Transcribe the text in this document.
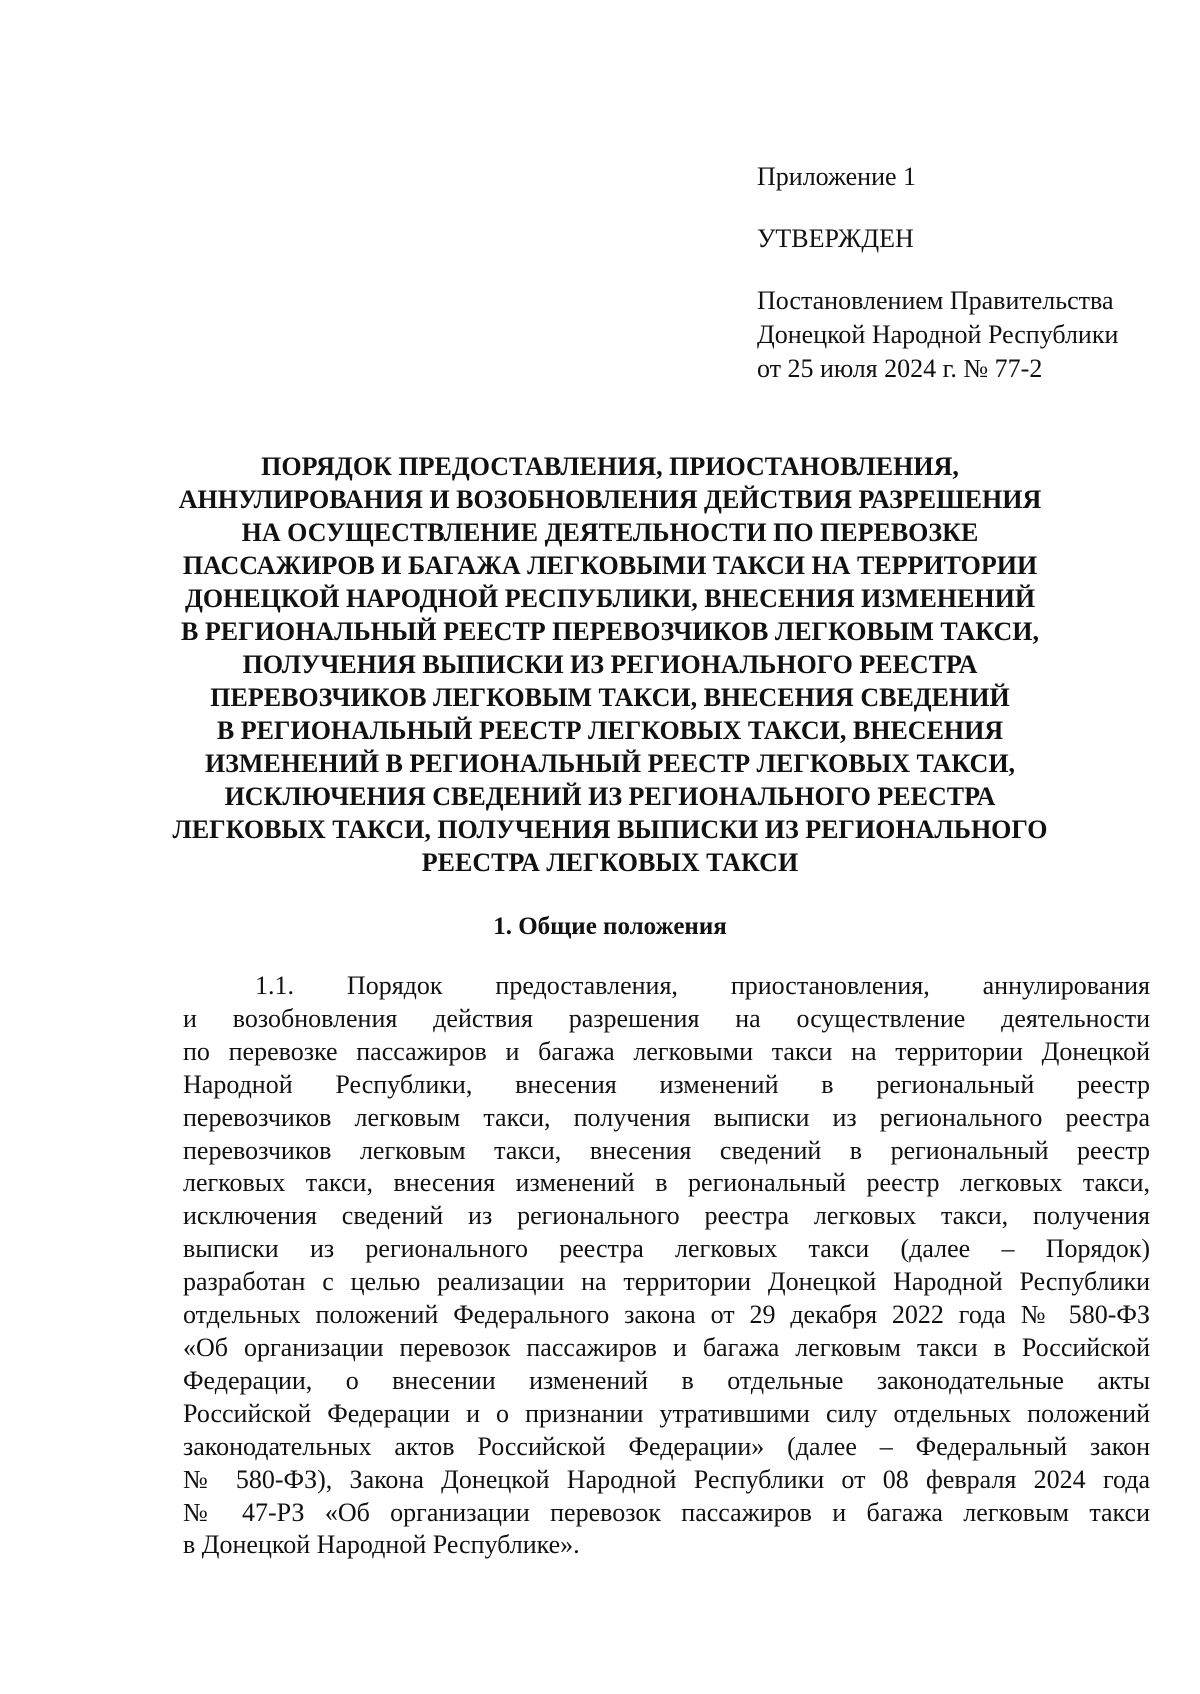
Приложение 1
УТВЕРЖДЕН
Постановлением Правительства
Донецкой Народной Республики
от 25 июля 2024 г. № 77-2
ПОРЯДОК ПРЕДОСТАВЛЕНИЯ, ПРИОСТАНОВЛЕНИЯ,
АННУЛИРОВАНИЯ И ВОЗОБНОВЛЕНИЯ ДЕЙСТВИЯ РАЗРЕШЕНИЯ
НА ОСУЩЕСТВЛЕНИЕ ДЕЯТЕЛЬНОСТИ ПО ПЕРЕВОЗКЕ
ПАССАЖИРОВ И БАГАЖА ЛЕГКОВЫМИ ТАКСИ НА ТЕРРИТОРИИ
ДОНЕЦКОЙ НАРОДНОЙ РЕСПУБЛИКИ, ВНЕСЕНИЯ ИЗМЕНЕНИЙ
В РЕГИОНАЛЬНЫЙ РЕЕСТР ПЕРЕВОЗЧИКОВ ЛЕГКОВЫМ ТАКСИ,
ПОЛУЧЕНИЯ ВЫПИСКИ ИЗ РЕГИОНАЛЬНОГО РЕЕСТРА
ПЕРЕВОЗЧИКОВ ЛЕГКОВЫМ ТАКСИ, ВНЕСЕНИЯ СВЕДЕНИЙ
В РЕГИОНАЛЬНЫЙ РЕЕСТР ЛЕГКОВЫХ ТАКСИ, ВНЕСЕНИЯ
ИЗМЕНЕНИЙ В РЕГИОНАЛЬНЫЙ РЕЕСТР ЛЕГКОВЫХ ТАКСИ,
ИСКЛЮЧЕНИЯ СВЕДЕНИЙ ИЗ РЕГИОНАЛЬНОГО РЕЕСТРА
ЛЕГКОВЫХ ТАКСИ, ПОЛУЧЕНИЯ ВЫПИСКИ ИЗ РЕГИОНАЛЬНОГО
РЕЕСТРА ЛЕГКОВЫХ ТАКСИ
1. Общие положения
1.1. Порядок предоставления, приостановления, аннулирования
и возобновления действия разрешения на осуществление деятельности
по перевозке пассажиров и багажа легковыми такси на территории Донецкой
Народной Республики, внесения изменений в региональный реестр
перевозчиков легковым такси, получения выписки из регионального реестра
перевозчиков легковым такси, внесения сведений в региональный реестр
легковых такси, внесения изменений в региональный реестр легковых такси,
исключения сведений из регионального реестра легковых такси, получения
выписки из регионального реестра легковых такси (далее – Порядок)
разработан с целью реализации на территории Донецкой Народной Республики
отдельных положений Федерального закона от 29 декабря 2022 года № 580-ФЗ
«Об организации перевозок пассажиров и багажа легковым такси в Российской
Федерации, о внесении изменений в отдельные законодательные акты
Российской Федерации и о признании утратившими силу отдельных положений
законодательных актов Российской Федерации» (далее – Федеральный закон
№ 580-ФЗ), Закона Донецкой Народной Республики от 08 февраля 2024 года
№ 47-РЗ «Об организации перевозок пассажиров и багажа легковым такси
в Донецкой Народной Республике».
